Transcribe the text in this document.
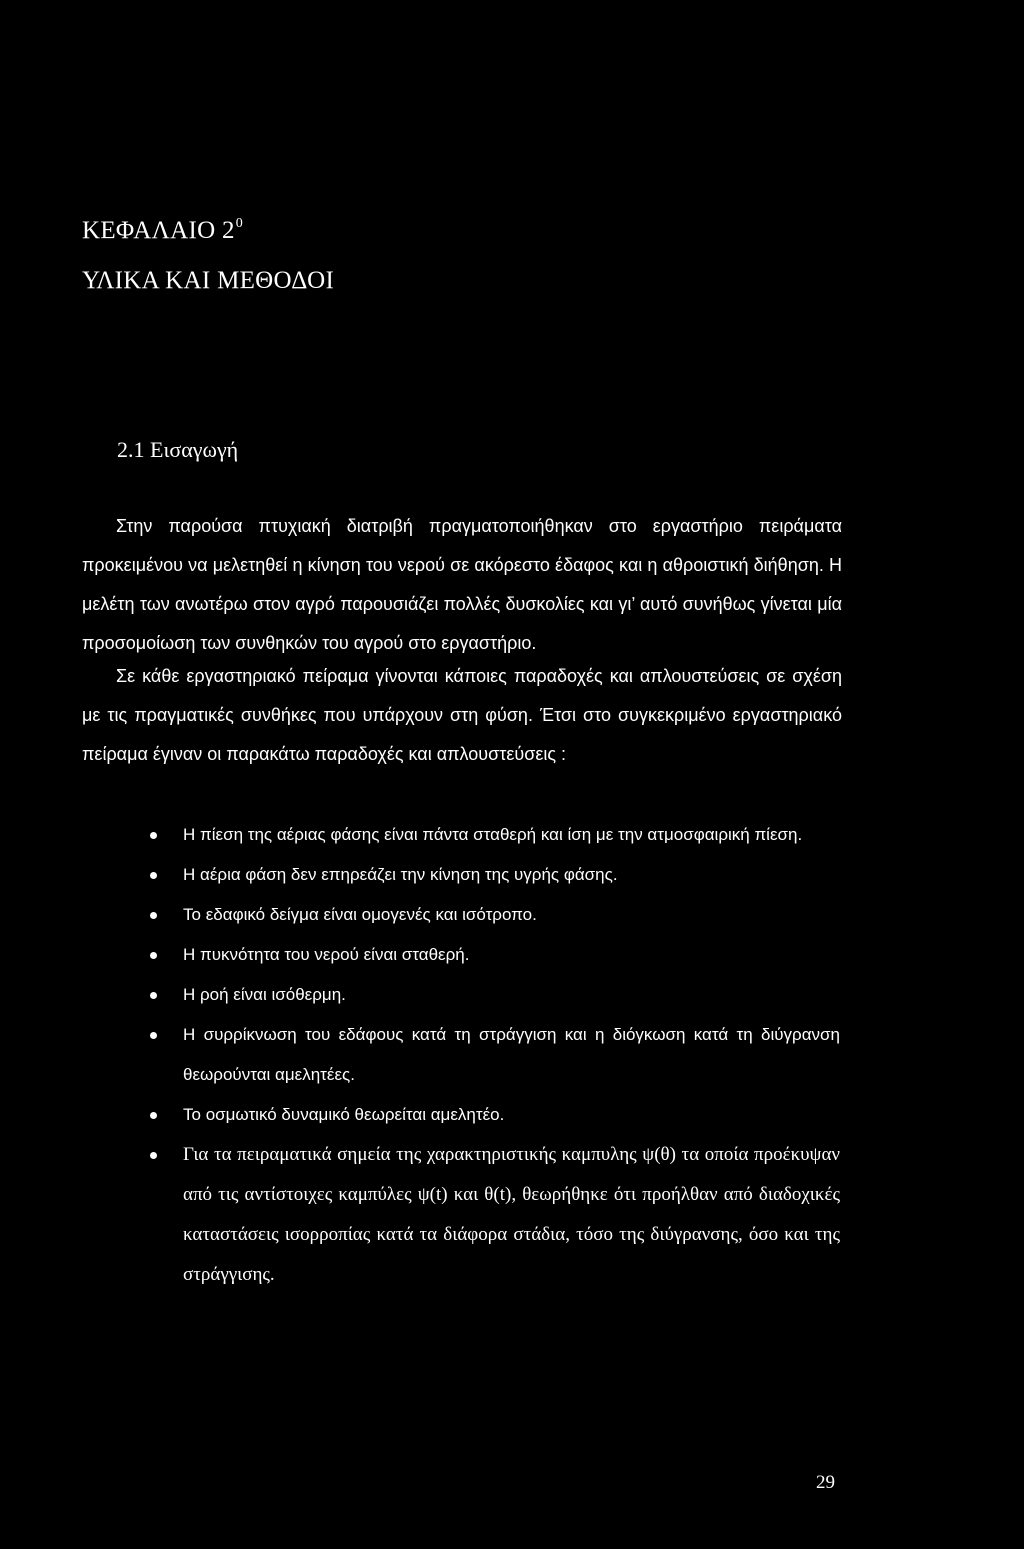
ΚΕΦΑΛΑΙΟ $2^0$
ΥΛΙΚΑ ΚΑΙ ΜΕΘΟΔΟΙ
2.1 Εισαγωγή

Στην παρούσα πτυχιακή διατριβή πραγματοποιήθηκαν στο εργαστήριο πειράματα προκειμένου να μελετηθεί η κίνηση του νερού σε ακόρεστο έδαφος και η αθροιστική διήθηση. Η μελέτη των ανωτέρω στον αγρό παρουσιάζει πολλές δυσκολίες και γι’ αυτό συνήθως γίνεται μία προσομοίωση των συνθηκών του αγρού στο εργαστήριο.

Σε κάθε εργαστηριακό πείραμα γίνονται κάποιες παραδοχές και απλουστεύσεις σε σχέση με τις πραγματικές συνθήκες που υπάρχουν στη φύση. Έτσι στο συγκεκριμένο εργαστηριακό πείραμα έγιναν οι παρακάτω παραδοχές και απλουστεύσεις :

Η πίεση της αέριας φάσης είναι πάντα σταθερή και ίση με την ατμοσφαιρική πίεση.
Η αέρια φάση δεν επηρεάζει την κίνηση της υγρής φάσης.
Το εδαφικό δείγμα είναι ομογενές και ισότροπο.
Η πυκνότητα του νερού είναι σταθερή.
Η ροή είναι ισόθερμη.
Η συρρίκνωση του εδάφους κατά τη στράγγιση και η διόγκωση κατά τη διύγρανση θεωρούνται αμελητέες.
Το οσμωτικό δυναμικό θεωρείται αμελητέο.
Για τα πειραματικά σημεία της χαρακτηριστικής καμπυλης ψ(θ) τα οποία προέκυψαν από τις αντίστοιχες καμπύλες ψ(t) και θ(t), θεωρήθηκε ότι προήλθαν από διαδοχικές καταστάσεις ισορροπίας κατά τα διάφορα στάδια, τόσο της διύγρανσης, όσο και της στράγγισης.
29
